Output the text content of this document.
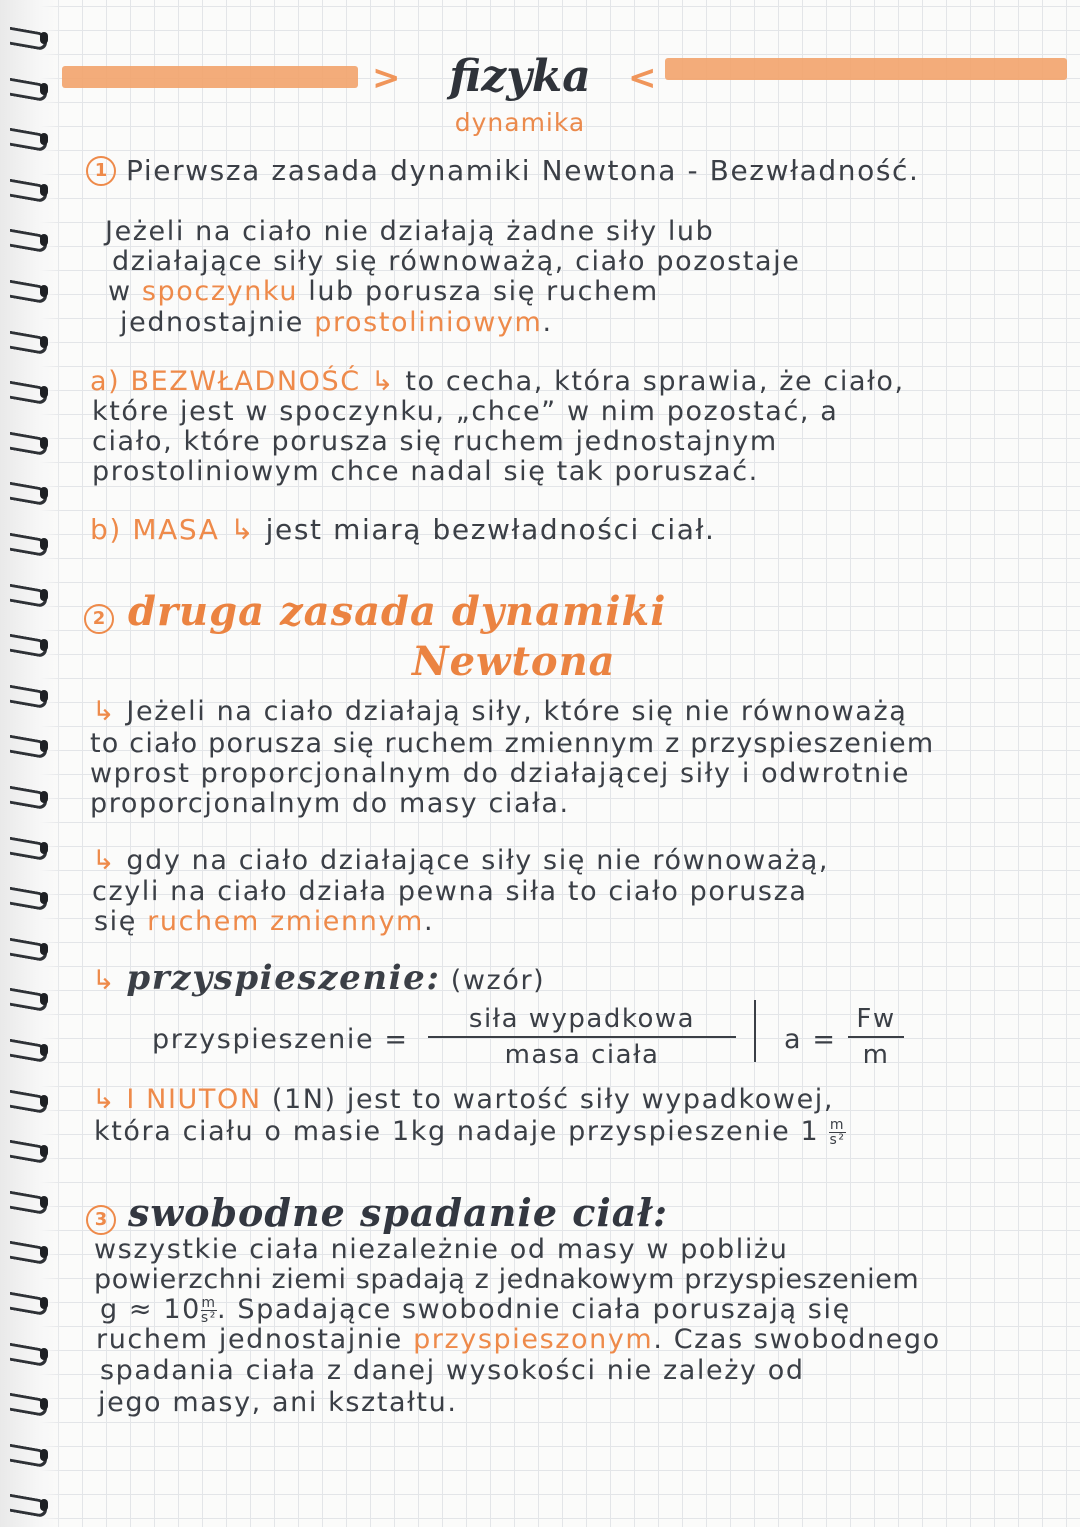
>	fizyka	<
dynamika
1 Pierwsza zasada dynamiki Newtona - Bezwładność.
Jeżeli na ciało nie działają żadne siły lub
działające siły się równoważą, ciało pozostaje
w spoczynku lub porusza się ruchem
jednostajnie prostoliniowym.
a) BEZWŁADNOŚĆ ↳ to cecha, która sprawia, że ciało,
które jest w spoczynku, „chce” w nim pozostać, a
ciało, które porusza się ruchem jednostajnym
prostoliniowym chce nadal się tak poruszać.
b) MASA ↳ jest miarą bezwładności ciał.
2 druga zasada dynamiki
Newtona
↳ Jeżeli na ciało działają siły, które się nie równoważą
to ciało porusza się ruchem zmiennym z przyspieszeniem
wprost proporcjonalnym do działającej siły i odwrotnie
proporcjonalnym do masy ciała.
↳ gdy na ciało działające siły się nie równoważą,
czyli na ciało działa pewna siła to ciało porusza
się ruchem zmiennym.
↳ przyspieszenie: (wzór)
przyspieszenie =
siła wypadkowa
masa ciała	a =
Fw
m
↳ I NIUTON (1N) jest to wartość siły wypadkowej,
która ciału o masie 1kg nadaje przyspieszenie $1 \frac{m}{\text{s²}}$
3 swobodne spadanie ciał:
wszystkie ciała niezależnie od masy w pobliżu
powierzchni ziemi spadają z jednakowym przyspieszeniem
$g \approx 10 \frac{m}{\text{s²}}$ . Spadające swobodnie ciała poruszają się
ruchem jednostajnie przyspieszonym. Czas swobodnego
spadania ciała z danej wysokości nie zależy od
jego masy, ani kształtu.
